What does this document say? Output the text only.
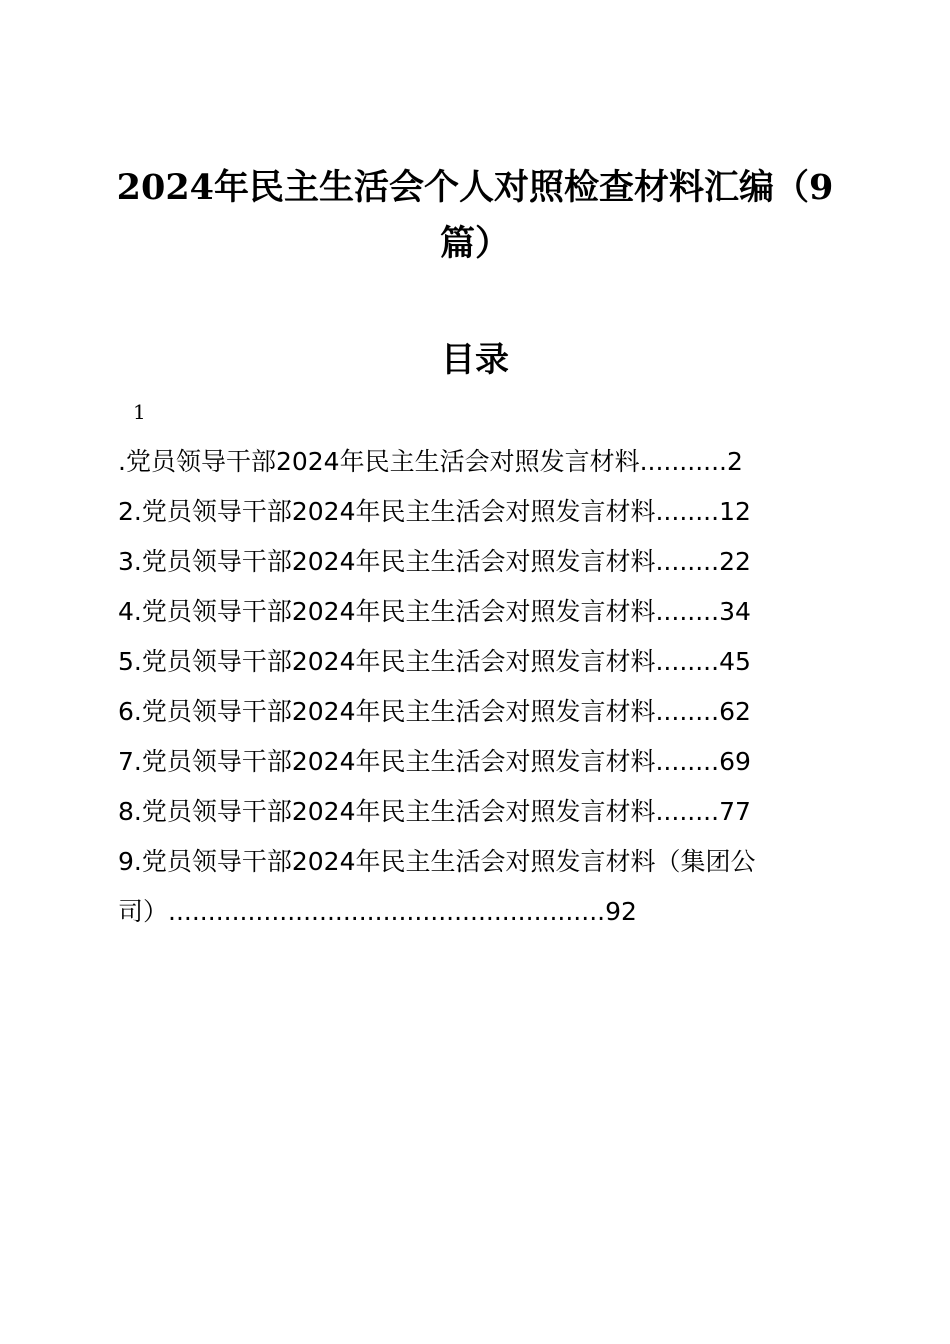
2024年民主生活会个人对照检查材料汇编（9
篇）
目录
1
.党员领导干部2024年民主生活会对照发言材料...........2
2.党员领导干部2024年民主生活会对照发言材料........12
3.党员领导干部2024年民主生活会对照发言材料........22
4.党员领导干部2024年民主生活会对照发言材料........34
5.党员领导干部2024年民主生活会对照发言材料........45
6.党员领导干部2024年民主生活会对照发言材料........62
7.党员领导干部2024年民主生活会对照发言材料........69
8.党员领导干部2024年民主生活会对照发言材料........77
9.党员领导干部2024年民主生活会对照发言材料（集团公
司）.......................................................92
